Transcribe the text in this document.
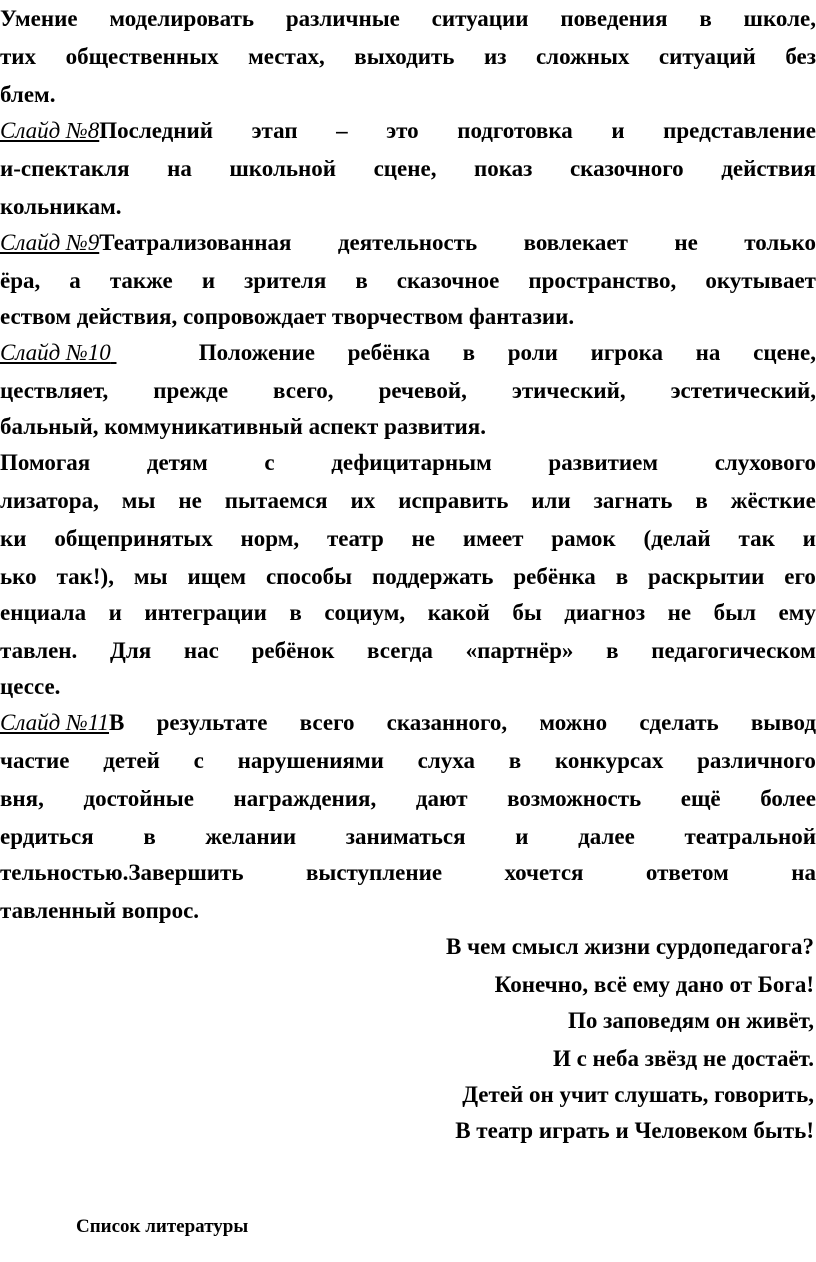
Умение моделировать различные ситуации поведения в школе,
тих общественных местах, выходить из сложных ситуаций без
блем.
Слайд №8 Последний этап – это подготовка и представление
и-спектакля на школьной сцене, показ сказочного действия
кольникам.
Слайд №9 Театрализованная деятельность вовлекает не только
ёра, а также и зрителя в сказочное пространство, окутывает
еством действия, сопровождает творчеством фантазии.
Слайд №10	Положение ребёнка в роли игрока на сцене,
цествляет, прежде всего, речевой, этический, эстетический,
бальный, коммуникативный аспект развития.
Помогая детям с дефицитарным развитием слухового
лизатора, мы не пытаемся их исправить или загнать в жёсткие
ки общепринятых норм, театр не имеет рамок (делай так и
ько так!), мы ищем способы поддержать ребёнка в раскрытии его
енциала и интеграции в социум, какой бы диагноз не был ему
тавлен. Для нас ребёнок всегда «партнёр» в педагогическом
цессе.
Слайд №11 В результате всего сказанного, можно сделать вывод
частие детей с нарушениями слуха в конкурсах различного
вня, достойные награждения, дают возможность ещё более
ердиться в желании заниматься и далее театральной
тельностью.Завершить	выступление	хочется	ответом	на
тавленный вопрос.
В чем смысл жизни сурдопедагога?
Конечно, всё ему дано от Бога!
По заповедям он живёт,
И с неба звёзд не достаёт.
Детей он учит слушать, говорить,
В театр играть и Человеком быть!
Список литературы
